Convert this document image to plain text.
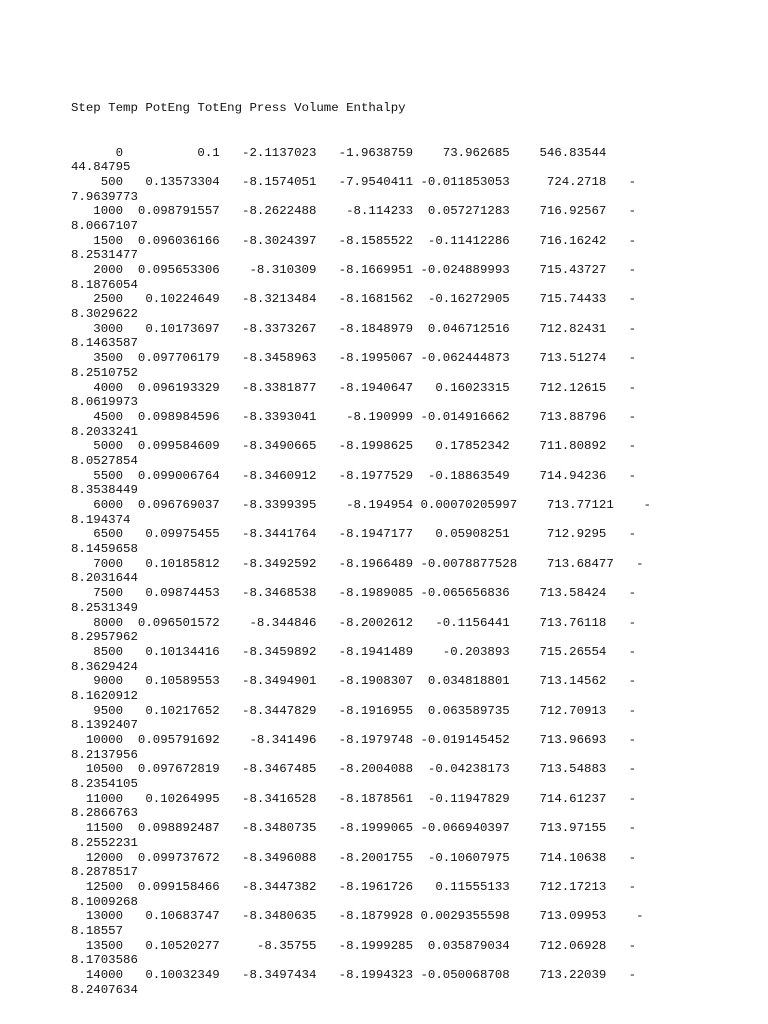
Step Temp PotEng TotEng Press Volume Enthalpy

0          0.1   -2.1137023   -1.9638759    73.962685    546.83544
44.84795
500   0.13573304   -8.1574051   -7.9540411 -0.011853053     724.2718   -
7.9639773
1000  0.098791557   -8.2622488    -8.114233  0.057271283    716.92567   -
8.0667107
1500  0.096036166   -8.3024397   -8.1585522  -0.11412286    716.16242   -
8.2531477
2000  0.095653306    -8.310309   -8.1669951 -0.024889993    715.43727   -
8.1876054
2500   0.10224649   -8.3213484   -8.1681562  -0.16272905    715.74433   -
8.3029622
3000   0.10173697   -8.3373267   -8.1848979  0.046712516    712.82431   -
8.1463587
3500  0.097706179   -8.3458963   -8.1995067 -0.062444873    713.51274   -
8.2510752
4000  0.096193329   -8.3381877   -8.1940647   0.16023315    712.12615   -
8.0619973
4500  0.098984596   -8.3393041    -8.190999 -0.014916662    713.88796   -
8.2033241
5000  0.099584609   -8.3490665   -8.1998625   0.17852342    711.80892   -
8.0527854
5500  0.099006764   -8.3460912   -8.1977529  -0.18863549    714.94236   -
8.3538449
6000  0.096769037   -8.3399395    -8.194954 0.00070205997    713.77121    -
8.194374
6500   0.09975455   -8.3441764   -8.1947177   0.05908251     712.9295   -
8.1459658
7000   0.10185812   -8.3492592   -8.1966489 -0.0078877528    713.68477   -
8.2031644
7500   0.09874453   -8.3468538   -8.1989085 -0.065656836    713.58424   -
8.2531349
8000  0.096501572    -8.344846   -8.2002612   -0.1156441    713.76118   -
8.2957962
8500   0.10134416   -8.3459892   -8.1941489    -0.203893    715.26554   -
8.3629424
9000   0.10589553   -8.3494901   -8.1908307  0.034818801    713.14562   -
8.1620912
9500   0.10217652   -8.3447829   -8.1916955  0.063589735    712.70913   -
8.1392407
10000  0.095791692    -8.341496   -8.1979748 -0.019145452    713.96693   -
8.2137956
10500  0.097672819   -8.3467485   -8.2004088  -0.04238173    713.54883   -
8.2354105
11000   0.10264995   -8.3416528   -8.1878561  -0.11947829    714.61237   -
8.2866763
11500  0.098892487   -8.3480735   -8.1999065 -0.066940397    713.97155   -
8.2552231
12000  0.099737672   -8.3496088   -8.2001755  -0.10607975    714.10638   -
8.2878517
12500  0.099158466   -8.3447382   -8.1961726   0.11555133    712.17213   -
8.1009268
13000   0.10683747   -8.3480635   -8.1879928 0.0029355598    713.09953    -
8.18557
13500   0.10520277     -8.35755   -8.1999285  0.035879034    712.06928   -
8.1703586
14000   0.10032349   -8.3497434   -8.1994323 -0.050068708    713.22039   -
8.2407634
